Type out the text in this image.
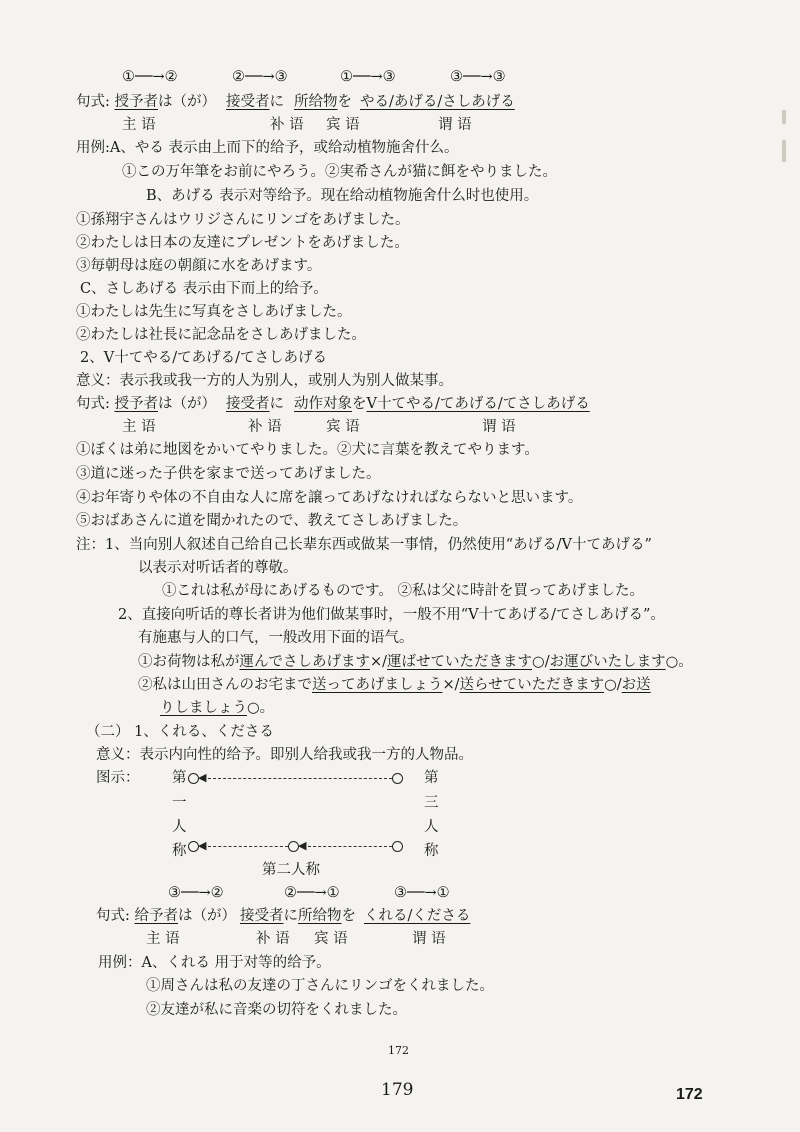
①──→②	②──→③	①──→③	③──→③
句式: 授予者は（が） 接受者に 所给物を やる/あげる/さしあげる
主 语	补 语 宾 语	谓 语
用例:A、やる 表示由上而下的给予，或给动植物施舍什么。
①この万年筆をお前にやろう。②実希さんが猫に餌をやりました。
B、あげる 表示对等给予。现在给动植物施舍什么时也使用。
①孫翔宇さんはウリジさんにリンゴをあげました。
②わたしは日本の友達にプレゼントをあげました。
③毎朝母は庭の朝顔に水をあげます。
C、さしあげる 表示由下而上的给予。
①わたしは先生に写真をさしあげました。
②わたしは社長に記念品をさしあげました。
2、V十てやる/てあげる/てさしあげる
意义：表示我或我一方的人为别人，或别人为别人做某事。
句式: 授予者は（が） 接受者に 动作对象をV十てやる/てあげる/てさしあげる
主 语	补 语	宾 语	谓 语
①ぼくは弟に地図をかいてやりました。②犬に言葉を教えてやります。
③道に迷った子供を家まで送ってあげました。
④お年寄りや体の不自由な人に席を譲ってあげなければならないと思います。
⑤おばあさんに道を聞かれたので、教えてさしあげました。
注：1、当向别人叙述自己给自己长辈东西或做某一事情，仍然使用“あげる/V十てあげる”
以表示对听话者的尊敬。
①これは私が母にあげるものです。 ②私は父に時計を買ってあげました。
2、直接向听话的尊长者讲为他们做某事时，一般不用“V十てあげる/てさしあげる”。
有施惠与人的口气，一般改用下面的语气。
①お荷物は私が運んでさしあげます×/運ばせていただきます○/お運びいたします○。
②私は山田さんのお宅まで送ってあげましょう×/送らせていただきます○/お送
りしましょう○。
（二） 1、くれる、くださる
意义：表示内向性的给予。即别人给我或我一方的人物品。
图示： 第
一
人
称
第
三
人
称
◀
◀	◀
第二人称
③──→②	②──→①	③──→①
句式: 给予者は（が） 接受者に所给物を くれる/くださる
主 语	补 语 宾 语	谓 语
用例：A、くれる 用于对等的给予。
①周さんは私の友達の丁さんにリンゴをくれました。
②友達が私に音楽の切符をくれました。
172
179	172
